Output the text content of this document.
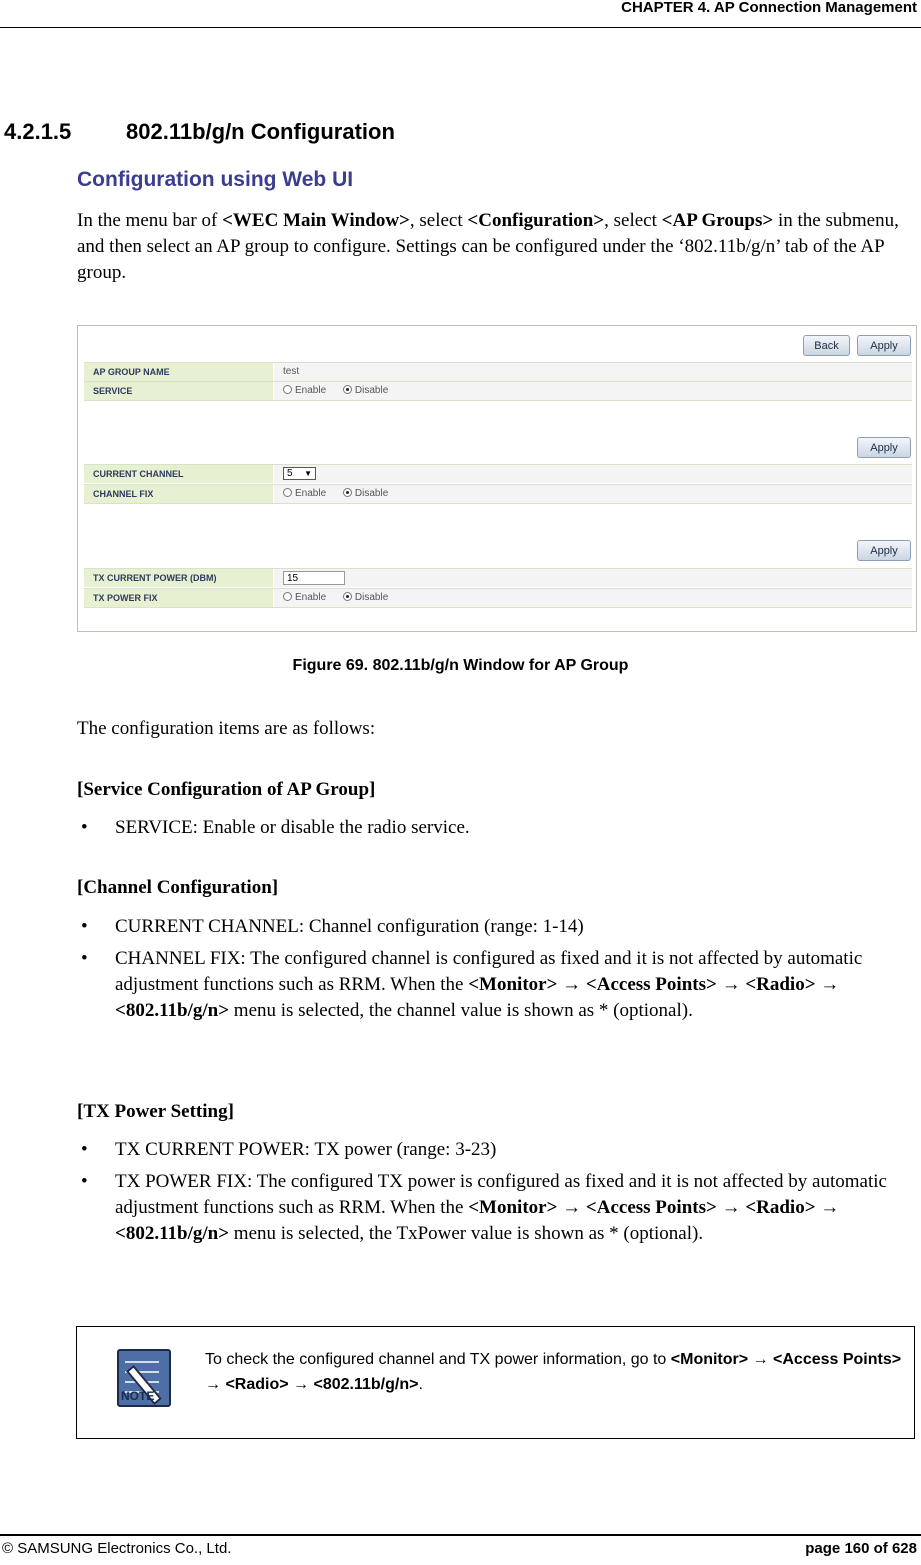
CHAPTER 4. AP Connection Management
4.2.1.5 802.11b/g/n Configuration
Configuration using Web UI
In the menu bar of <WEC Main Window>, select <Configuration>, select <AP Groups> in the submenu, and then select an AP group to configure. Settings can be configured under the ‘802.11b/g/n’ tab of the AP group.
Back	Apply
AP GROUP NAME	test
SERVICE	Enable	Disable
Apply
CURRENT CHANNEL	5 ▼
CHANNEL FIX	Enable	Disable
Apply
TX CURRENT POWER (DBM)	15
TX POWER FIX	Enable	Disable
Figure 69. 802.11b/g/n Window for AP Group
The configuration items are as follows:
[Service Configuration of AP Group]
• SERVICE: Enable or disable the radio service.
[Channel Configuration]
• CURRENT CHANNEL: Channel configuration (range: 1-14)
• CHANNEL FIX: The configured channel is configured as fixed and it is not affected by automatic adjustment functions such as RRM. When the <Monitor> → <Access Points> → <Radio> → <802.11b/g/n> menu is selected, the channel value is shown as * (optional).
[TX Power Setting]
• TX CURRENT POWER: TX power (range: 3-23)
• TX POWER FIX: The configured TX power is configured as fixed and it is not affected by automatic adjustment functions such as RRM. When the <Monitor> → <Access Points> → <Radio> → <802.11b/g/n> menu is selected, the TxPower value is shown as * (optional).
NOTE
To check the configured channel and TX power information, go to <Monitor> → <Access Points> → <Radio> → <802.11b/g/n>.
© SAMSUNG Electronics Co., Ltd.	page 160 of 628
